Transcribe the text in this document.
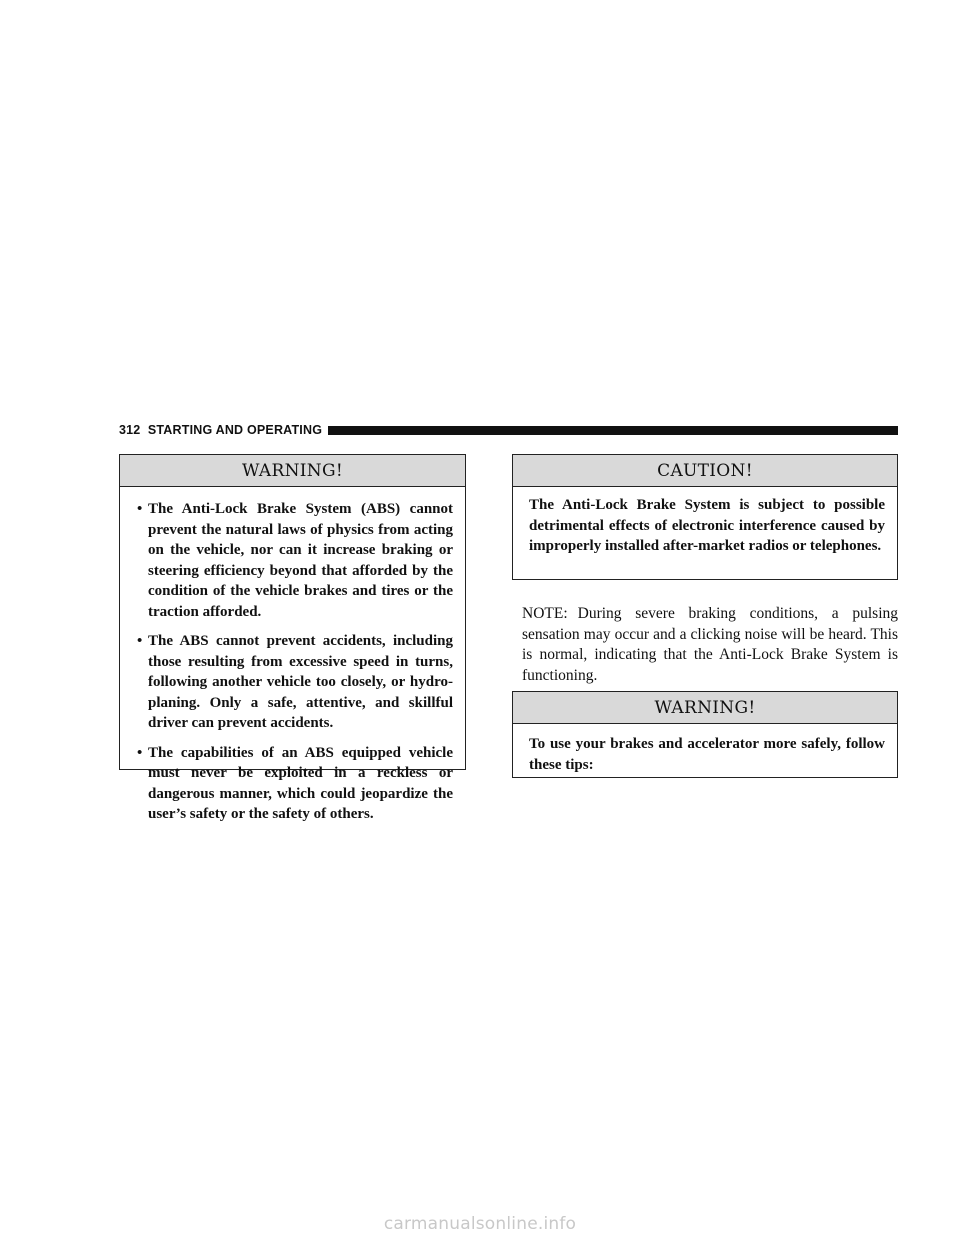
312 STARTING AND OPERATING
WARNING!
• The Anti-Lock Brake System (ABS) cannot prevent the natural laws of physics from acting on the vehicle, nor can it increase braking or steering efficiency beyond that afforded by the condition of the vehicle brakes and tires or the traction afforded.
• The ABS cannot prevent accidents, including those resulting from excessive speed in turns, following another vehicle too closely, or hydro-planing. Only a safe, attentive, and skillful driver can prevent accidents.
• The capabilities of an ABS equipped vehicle must never be exploited in a reckless or dangerous manner, which could jeopardize the user’s safety or the safety of others.
CAUTION!
The Anti-Lock Brake System is subject to possible detrimental effects of electronic interference caused by improperly installed after-market radios or telephones.
NOTE: During severe braking conditions, a pulsing sensation may occur and a clicking noise will be heard. This is normal, indicating that the Anti-Lock Brake System is functioning.
WARNING!
To use your brakes and accelerator more safely, follow these tips:
carmanualsonline.info
